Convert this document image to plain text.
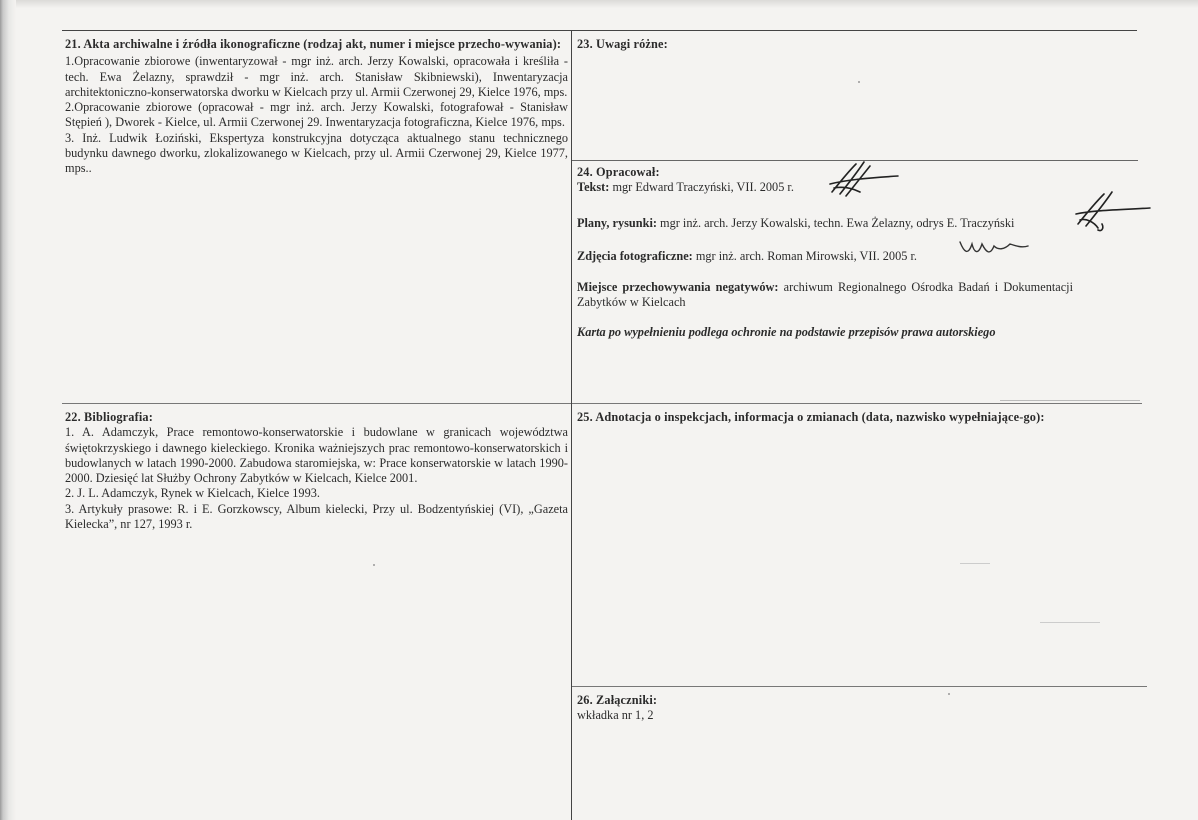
21. Akta archiwalne i źródła ikonograficzne (rodzaj akt, numer i miejsce przecho-wywania):

1.Opracowanie zbiorowe (inwentaryzował - mgr inż. arch. Jerzy Kowalski, opracowała i kreśliła - tech. Ewa Żelazny, sprawdził - mgr inż. arch. Stanisław Skibniewski), Inwentaryzacja architektoniczno-konserwatorska dworku w Kielcach przy ul. Armii Czerwonej 29, Kielce 1976, mps.

2.Opracowanie zbiorowe (opracował - mgr inż. arch. Jerzy Kowalski, fotografował - Stanisław Stępień ), Dworek - Kielce, ul. Armii Czerwonej 29. Inwentaryzacja fotograficzna, Kielce 1976, mps.

3. Inż. Ludwik Łoziński, Ekspertyza konstrukcyjna dotycząca aktualnego stanu technicznego budynku dawnego dworku, zlokalizowanego w Kielcach, przy ul. Armii Czerwonej 29, Kielce 1977, mps..

22. Bibliografia:

1. A. Adamczyk, Prace remontowo-konserwatorskie i budowlane w granicach województwa świętokrzyskiego i dawnego kieleckiego. Kronika ważniejszych prac remontowo-konserwatorskich i budowlanych w latach 1990-2000. Zabudowa staromiejska, w: Prace konserwatorskie w latach 1990-2000. Dziesięć lat Służby Ochrony Zabytków w Kielcach, Kielce 2001.

2. J. L. Adamczyk, Rynek w Kielcach, Kielce 1993.

3. Artykuły prasowe: R. i E. Gorzkowscy, Album kielecki, Przy ul. Bodzentyńskiej (VI), „Gazeta Kielecka”, nr 127, 1993 r.

23. Uwagi różne:

24. Opracował:

Tekst: mgr Edward Traczyński, VII. 2005 r.

Plany, rysunki: mgr inż. arch. Jerzy Kowalski, techn. Ewa Żelazny, odrys E. Traczyński

Zdjęcia fotograficzne: mgr inż. arch. Roman Mirowski, VII. 2005 r.

Miejsce przechowywania negatywów: archiwum Regionalnego Ośrodka Badań i Dokumentacji Zabytków w Kielcach

Karta po wypełnieniu podlega ochronie na podstawie przepisów prawa autorskiego

25. Adnotacja o inspekcjach, informacja o zmianach (data, nazwisko wypełniające-go):

26. Załączniki:

wkładka nr 1, 2
